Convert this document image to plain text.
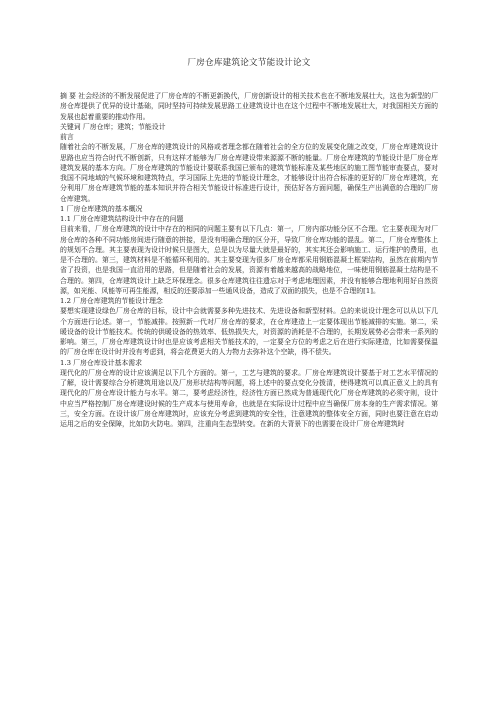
厂房仓库建筑论文节能设计论文

摘 要 社会经济的不断发展促进了厂房仓库的不断更新换代，厂房创新设计的相关技术也在不断地发展壮大，这也为新型的厂房仓库提供了优异的设计基础，同时坚持可持续发展思路工业建筑设计也在这个过程中不断地发展壮大，对我国相关方面的发展也起着重要的推动作用。

关键词 厂房仓库；建筑；节能设计

前言

随着社会的不断发展，厂房仓库的建筑设计的风格或者理念都在随着社会的全方位的发展变化随之改变，厂房仓库建筑设计思路也应当符合时代不断创新，只有这样才能够为厂房仓库建设带来源源不断的能量。厂房仓库建筑的节能设计是厂房仓库建筑发展的基本方向。厂房仓库建筑的节能设计要联系我国已颁布的建筑节能标准及某些地区的施工图节能审查要点，要对我国不同地域的气候环境和建筑特点，学习国际上先进的节能设计理念，才能够设计出符合标准的更好的厂房仓库建筑，充分利用厂房仓库建筑节能的基本知识并符合相关节能设计标准进行设计，预估好各方面问题，确保生产出满意的合理的厂房仓库建筑。

1 厂房仓库建筑的基本概况

1.1 厂房仓库建筑结构设计中存在的问题

目前来看，厂房仓库建筑的设计中存在的相同的问题主要有以下几点：第一，厂房内部功能分区不合理。它主要表现为对厂房仓库的各种不同功能房间进行随意的拼接，是没有明确合理的区分开，导致厂房仓库功能的混乱。第二，厂房仓库整体上的规划不合理。其主要表现为设计时候只是图大，总是以为尽量大就是最好的，其实其还会影响施工、运行维护的费用，也是不合理的。第三，建筑材料是不能循环利用的。其主要变现为很多厂房仓库都采用钢筋混凝土框架结构，虽然在前期内节省了投资，也是我国一直沿用的思路，但是随着社会的发展，资源有着越来越高的战略地位，一味使用钢筋混凝土结构是不合理的。第四，仓库建筑设计上缺乏环保理念。很多仓库建筑往往遗忘对于考虑地理因素，并没有能够合理地利用好自然资源，如光能、风能等可再生能源，相反的还要添加一些通风设备，造成了双面的损失，也是不合理的[1]。

1.2 厂房仓库建筑的节能设计理念

要想实现建设绿色厂房仓库的目标，设计中会就需要多种先进技术、先进设备和新型材料。总的来说设计理念可以从以下几个方面进行论述。第一，节能减排。按照新一代对厂房仓库的要求，在仓库建造上一定要体现出节能减排的实施。第二，采暖设备的设计节能技术。传统的供暖设备的热效率、低热损失大，对资源的消耗是不合理的，长期发展势必会带来一系列的影响。第三，厂房仓库建筑设计时也是应该考虑相关节能技术的，一定要全方位的考虑之后在进行实际建造，比如需要保温的厂房仓库在设计时并没有考虑到，将会花费更大的人力物力去弥补这个空缺，得不偿失。

1.3 厂房仓库设计基本需求

现代化的厂房仓库的设计应该满足以下几个方面的。第一，工艺与建筑的要求。厂房仓库建筑设计要基于对工艺水平情况的了解，设计需要综合分析建筑用途以及厂房形状结构等问题，将上述中的要点变化分拨清，使得建筑可以真正意义上的具有现代化的厂房仓库设计能力与水平。第二，要考虑经济性，经济性方面已然成为普通现代化厂房仓库建筑的必须守则，设计中应当严格控制厂房仓库建设时候的生产成本与使用寿命，也就是在实际设计过程中应当确保厂房本身的生产需求情况。第三，安全方面。在设计该厂房仓库建筑时，应该充分考虑到建筑的安全性，注意建筑的整体安全方面，同时也要注意在启动运用之后的安全保障，比如防火防电。第四，注重向生态型转变。在新的大背景下的也需要在设计厂房仓库建筑时
